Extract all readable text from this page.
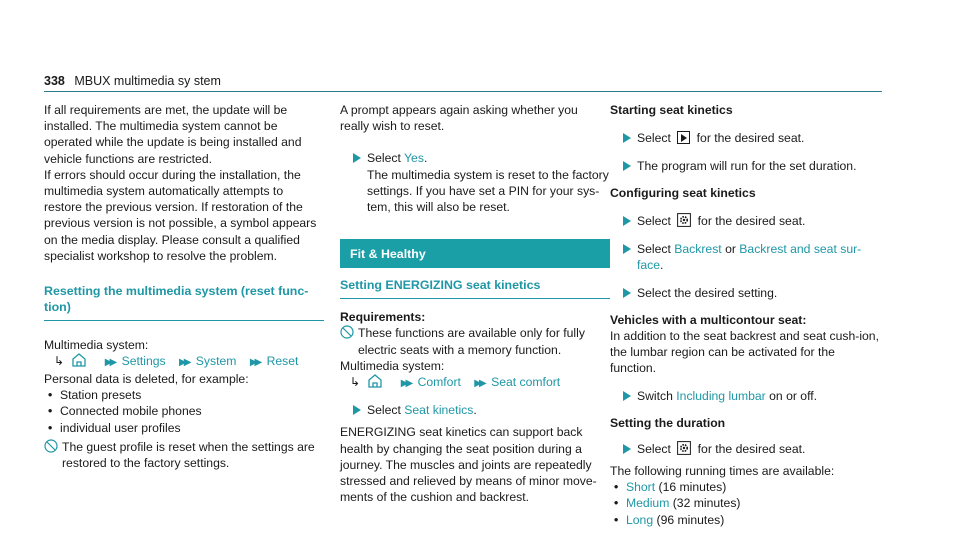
338 MBUX multimedia sy stem

If all requirements are met, the update will be installed. The multimedia system cannot be operated while the update is being installed and vehicle functions are restricted.

If errors should occur during the installation, the multimedia system automatically attempts to restore the previous version. If restoration of the previous version is not possible, a symbol appears on the media display. Please consult a qualified specialist workshop to resolve the problem.

Resetting the multimedia system (reset func-
tion)

Multimedia system:

↳	▶▶ Settings ▶▶ System ▶▶ Reset

Personal data is deleted, for example:

• Station presets
• Connected mobile phones
• individual user profiles
The guest profile is reset when the settings are restored to the factory settings.

A prompt appears again asking whether you really wish to reset.

Select Yes.
The multimedia system is reset to the factory settings. If you have set a PIN for your sys-tem, this will also be reset.
Fit & Healthy
Setting ENERGIZING seat kinetics

Requirements:

These functions are available only for fully electric seats with a memory function.

Multimedia system:

↳	▶▶ Comfort ▶▶ Seat comfort
Select Seat kinetics.

ENERGIZING seat kinetics can support back health by changing the seat position during a journey. The muscles and joints are repeatedly stressed and relieved by means of minor move-ments of the cushion and backrest.

Starting seat kinetics

Select for the desired seat.
The program will run for the set duration.

Configuring seat kinetics

Select for the desired seat.
Select Backrest or Backrest and seat sur-face.
Select the desired setting.

Vehicles with a multicontour seat:

In addition to the seat backrest and seat cush-ion, the lumbar region can be activated for the function.

Switch Including lumbar on or off.

Setting the duration

Select for the desired seat.

The following running times are available:

• Short (16 minutes)
• Medium (32 minutes)
• Long (96 minutes)
